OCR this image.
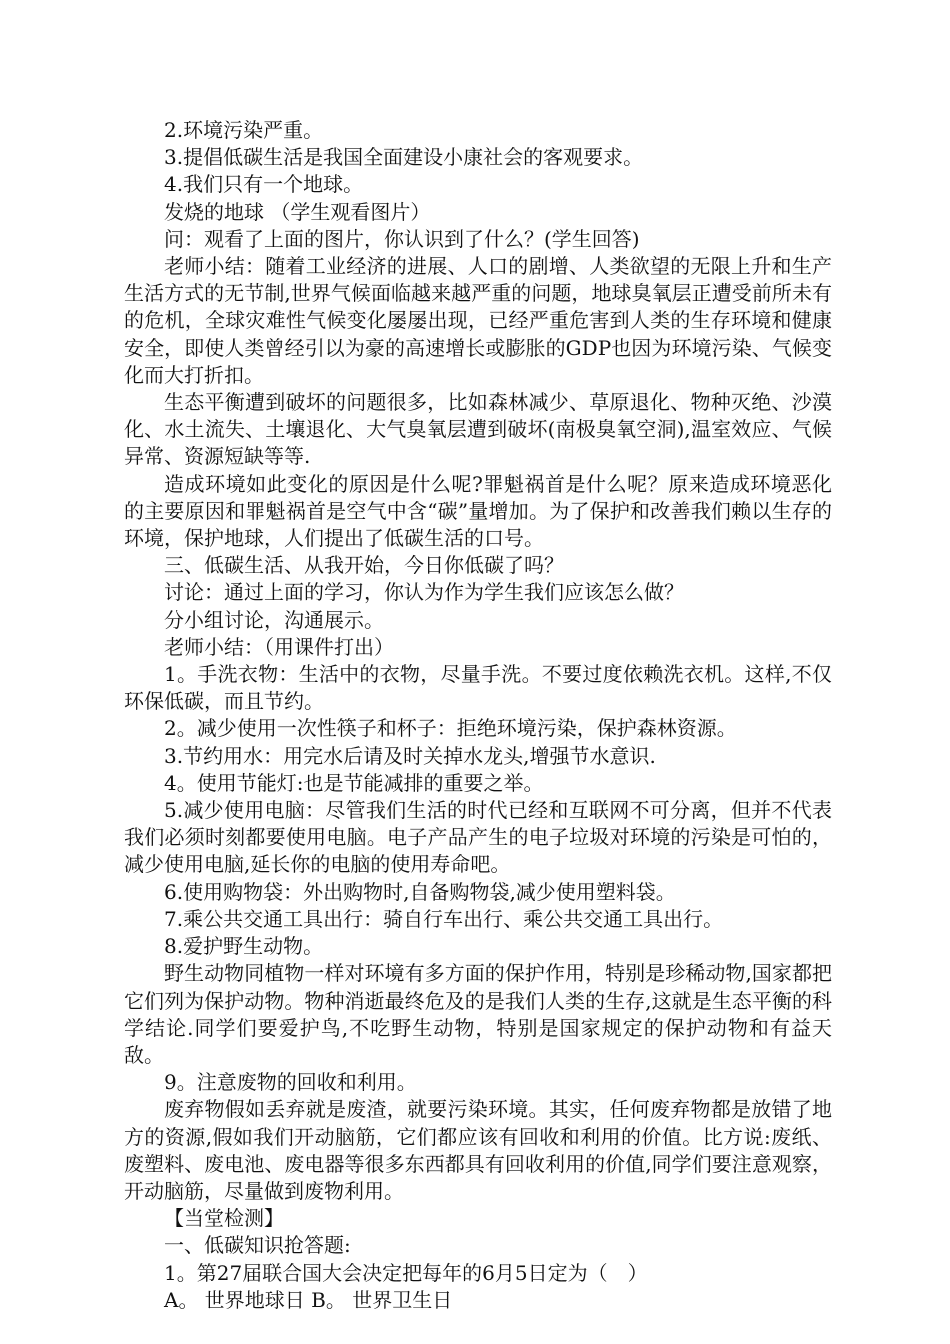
2.环境污染严重。

3.提倡低碳生活是我国全面建设小康社会的客观要求。

4.我们只有一个地球。

发烧的地球 （学生观看图片）

问：观看了上面的图片，你认识到了什么？(学生回答)

老师小结：随着工业经济的进展、人口的剧增、人类欲望的无限上升和生产生活方式的无节制,世界气候面临越来越严重的问题，地球臭氧层正遭受前所未有的危机，全球灾难性气候变化屡屡出现，已经严重危害到人类的生存环境和健康安全，即使人类曾经引以为豪的高速增长或膨胀的GDP也因为环境污染、气候变化而大打折扣。

生态平衡遭到破坏的问题很多，比如森林减少、草原退化、物种灭绝、沙漠化、水土流失、土壤退化、大气臭氧层遭到破坏(南极臭氧空洞),温室效应、气候异常、资源短缺等等.

造成环境如此变化的原因是什么呢?罪魁祸首是什么呢？原来造成环境恶化的主要原因和罪魁祸首是空气中含“碳”量增加。为了保护和改善我们赖以生存的环境，保护地球，人们提出了低碳生活的口号。

三、低碳生活、从我开始，今日你低碳了吗？

讨论：通过上面的学习，你认为作为学生我们应该怎么做？

分小组讨论，沟通展示。

老师小结：（用课件打出）

1。手洗衣物：生活中的衣物，尽量手洗。不要过度依赖洗衣机。这样,不仅环保低碳，而且节约。

2。减少使用一次性筷子和杯子：拒绝环境污染，保护森林资源。

3.节约用水：用完水后请及时关掉水龙头,增强节水意识.

4。使用节能灯:也是节能减排的重要之举。

5.减少使用电脑：尽管我们生活的时代已经和互联网不可分离，但并不代表我们必须时刻都要使用电脑。电子产品产生的电子垃圾对环境的污染是可怕的，减少使用电脑,延长你的电脑的使用寿命吧。

6.使用购物袋：外出购物时,自备购物袋,减少使用塑料袋。

7.乘公共交通工具出行：骑自行车出行、乘公共交通工具出行。

8.爱护野生动物。

野生动物同植物一样对环境有多方面的保护作用，特别是珍稀动物,国家都把它们列为保护动物。物种消逝最终危及的是我们人类的生存,这就是生态平衡的科学结论.同学们要爱护鸟,不吃野生动物，特别是国家规定的保护动物和有益天敌。

9。注意废物的回收和利用。

废弃物假如丢弃就是废渣，就要污染环境。其实，任何废弃物都是放错了地方的资源,假如我们开动脑筋，它们都应该有回收和利用的价值。比方说:废纸、废塑料、废电池、废电器等很多东西都具有回收利用的价值,同学们要注意观察，开动脑筋，尽量做到废物利用。

【当堂检测】

一、低碳知识抢答题:

1。第27届联合国大会决定把每年的6月5日定为（　）

A。 世界地球日 B。 世界卫生日
